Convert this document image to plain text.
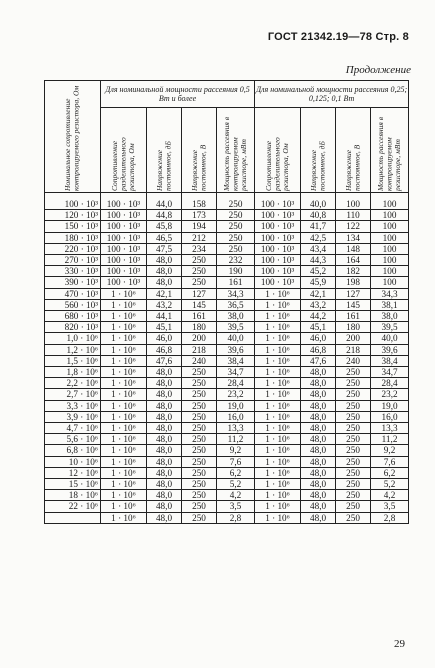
ГОСТ 21342.19—78 Стр. 8
Продолжение
Номинальное сопротивление контролируемого резистора, Ом	Для номинальной мощности рассеяния 0,5 Вт и более				Для номинальной мощности рассеяния 0,25; 0,125; 0,1 Вт			

	Сопротивление разделительного резистора, Ом	Напряжение постоянное, дБ	Напряжение постоянное, В	Мощность рассеяния в контролируемом резисторе, мВт	Сопротивление разделительного резистора, Ом	Напряжение постоянное, дБ	Напряжение постоянное, В	Мощность рассеяния в контролируемом резисторе, мВт

100 · 10³	100 · 10³	44,0	158	250	100 · 10³	40,0	100	100
120 · 10³	100 · 10³	44,8	173	250	100 · 10³	40,8	110	100
150 · 10³	100 · 10³	45,8	194	250	100 · 10³	41,7	122	100
180 · 10³	100 · 10³	46,5	212	250	100 · 10³	42,5	134	100
220 · 10³	100 · 10³	47,5	234	250	100 · 10³	43,4	148	100
270 · 10³	100 · 10³	48,0	250	232	100 · 10³	44,3	164	100
330 · 10³	100 · 10³	48,0	250	190	100 · 10³	45,2	182	100
390 · 10³	100 · 10³	48,0	250	161	100 · 10³	45,9	198	100
470 · 10³	1 · 10⁶	42,1	127	34,3	1 · 10⁶	42,1	127	34,3
560 · 10³	1 · 10⁶	43,2	145	36,5	1 · 10⁶	43,2	145	38,1
680 · 10³	1 · 10⁶	44,1	161	38,0	1 · 10⁶	44,2	161	38,0
820 · 10³	1 · 10⁶	45,1	180	39,5	1 · 10⁶	45,1	180	39,5
1,0 · 10⁶	1 · 10⁶	46,0	200	40,0	1 · 10⁶	46,0	200	40,0
1,2 · 10⁶	1 · 10⁶	46,8	218	39,6	1 · 10⁶	46,8	218	39,6
1,5 · 10⁶	1 · 10⁶	47,6	240	38,4	1 · 10⁶	47,6	240	38,4
1,8 · 10⁶	1 · 10⁶	48,0	250	34,7	1 · 10⁶	48,0	250	34,7
2,2 · 10⁶	1 · 10⁶	48,0	250	28,4	1 · 10⁶	48,0	250	28,4
2,7 · 10⁶	1 · 10⁶	48,0	250	23,2	1 · 10⁶	48,0	250	23,2
3,3 · 10⁶	1 · 10⁶	48,0	250	19,0	1 · 10⁶	48,0	250	19,0
3,9 · 10⁶	1 · 10⁶	48,0	250	16,0	1 · 10⁶	48,0	250	16,0
4,7 · 10⁶	1 · 10⁶	48,0	250	13,3	1 · 10⁶	48,0	250	13,3
5,6 · 10⁶	1 · 10⁶	48,0	250	11,2	1 · 10⁶	48,0	250	11,2
6,8 · 10⁶	1 · 10⁶	48,0	250	9,2	1 · 10⁶	48,0	250	9,2
10 · 10⁶	1 · 10⁶	48,0	250	7,6	1 · 10⁶	48,0	250	7,6
12 · 10⁶	1 · 10⁶	48,0	250	6,2	1 · 10⁶	48,0	250	6,2
15 · 10⁶	1 · 10⁶	48,0	250	5,2	1 · 10⁶	48,0	250	5,2
18 · 10⁶	1 · 10⁶	48,0	250	4,2	1 · 10⁶	48,0	250	4,2
22 · 10⁶	1 · 10⁶	48,0	250	3,5	1 · 10⁶	48,0	250	3,5
	1 · 10⁶	48,0	250	2,8	1 · 10⁶	48,0	250	2,8
29
